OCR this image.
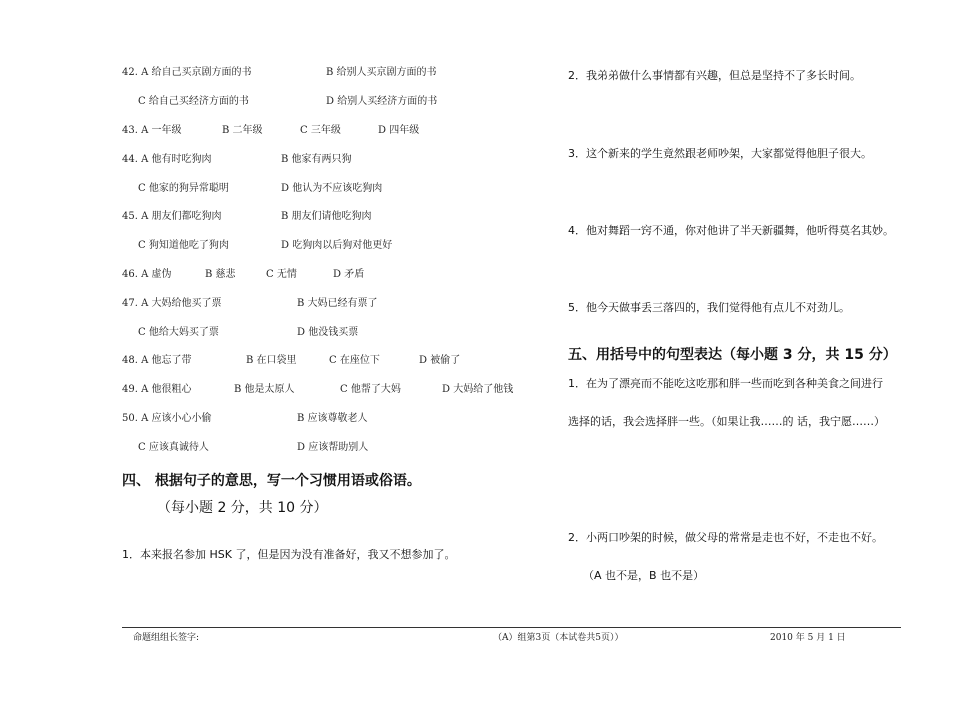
42. A 给自己买京剧方面的书	B 给别人买京剧方面的书
C 给自己买经济方面的书	D 给别人买经济方面的书
43. A 一年级	B 二年级	C 三年级	D 四年级
44. A 他有时吃狗肉	B 他家有两只狗
C 他家的狗异常聪明	D 他认为不应该吃狗肉
45. A 朋友们都吃狗肉	B 朋友们请他吃狗肉
C 狗知道他吃了狗肉	D 吃狗肉以后狗对他更好
46. A 虚伪	B 慈悲	C 无情	D 矛盾
47. A 大妈给他买了票	B 大妈已经有票了
C 他给大妈买了票	D 他没钱买票
48. A 他忘了带	B 在口袋里	C 在座位下	D 被偷了
49. A 他很粗心	B 他是太原人	C 他帮了大妈	D 大妈给了他钱
50. A 应该小心小偷	B 应该尊敬老人
C 应该真诚待人	D 应该帮助别人
四、 根据句子的意思，写一个习惯用语或俗语。
（每小题 2 分，共 10 分）
1．本来报名参加 HSK 了，但是因为没有准备好，我又不想参加了。
2．我弟弟做什么事情都有兴趣，但总是坚持不了多长时间。
3．这个新来的学生竟然跟老师吵架，大家都觉得他胆子很大。
4．他对舞蹈一窍不通，你对他讲了半天新疆舞，他听得莫名其妙。
5．他今天做事丢三落四的，我们觉得他有点儿不对劲儿。
五、用括号中的句型表达（每小题 3 分，共 15 分）
1．在为了漂亮而不能吃这吃那和胖一些而吃到各种美食之间进行
选择的话，我会选择胖一些。（如果让我……的 话，我宁愿……）
2．小两口吵架的时候，做父母的常常是走也不好，不走也不好。
（A 也不是，B 也不是）
命题组组长签字:	（A）组第3页（本试卷共5页））	2010 年 5 月 1 日
